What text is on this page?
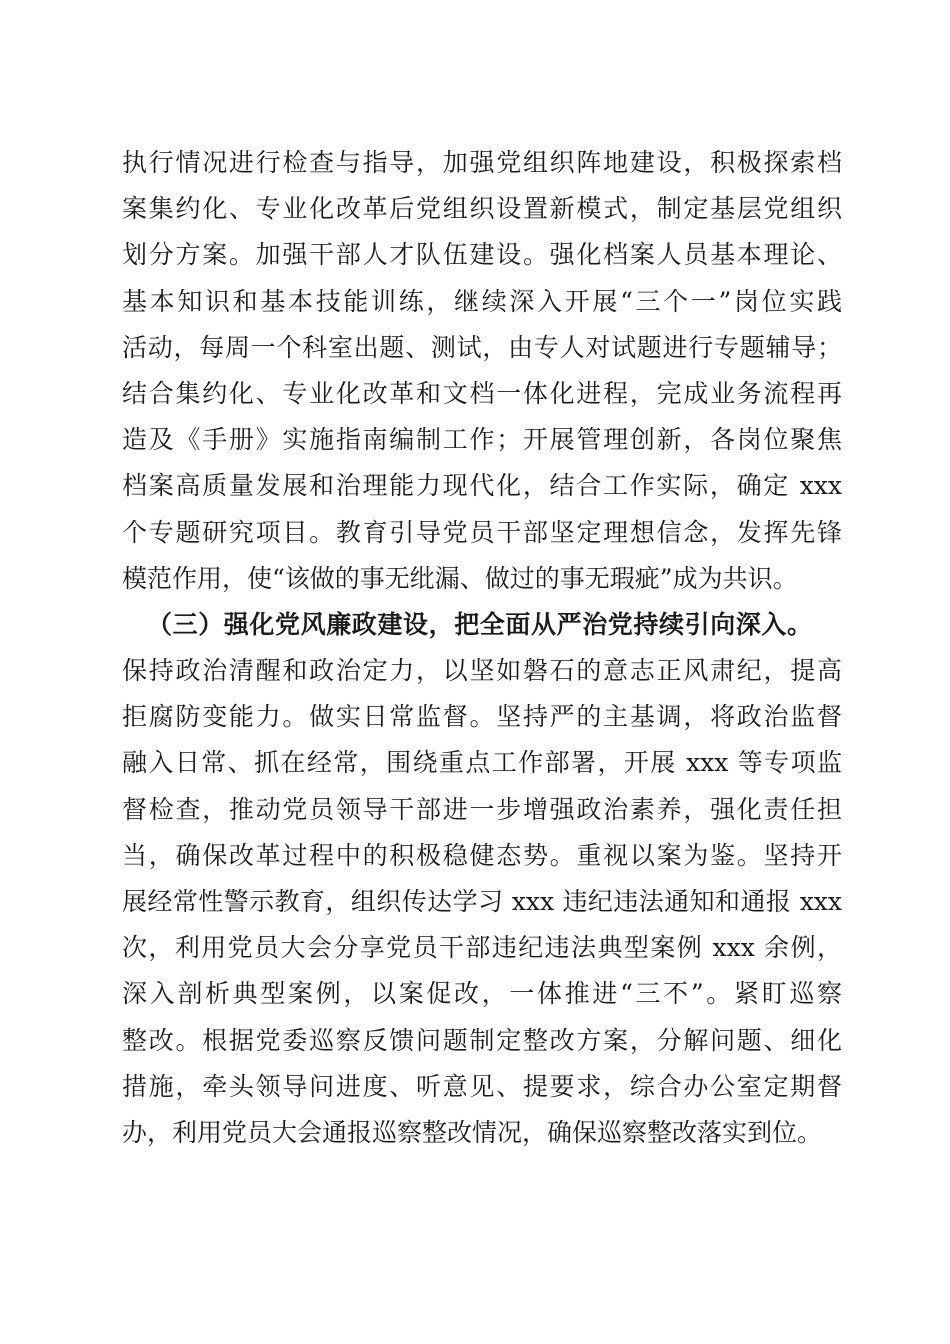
执行情况进行检查与指导，加强党组织阵地建设，积极探索档
案集约化、专业化改革后党组织设置新模式，制定基层党组织
划分方案。加强干部人才队伍建设。强化档案人员基本理论、
基本知识和基本技能训练，继续深入开展“三个一”岗位实践
活动，每周一个科室出题、测试，由专人对试题进行专题辅导；
结合集约化、专业化改革和文档一体化进程，完成业务流程再
造及《手册》实施指南编制工作；开展管理创新，各岗位聚焦
档案高质量发展和治理能力现代化，结合工作实际，确定 xxx
个专题研究项目。教育引导党员干部坚定理想信念，发挥先锋
模范作用，使“该做的事无纰漏、做过的事无瑕疵”成为共识。
（三）强化党风廉政建设，把全面从严治党持续引向深入。
保持政治清醒和政治定力，以坚如磐石的意志正风肃纪，提高
拒腐防变能力。做实日常监督。坚持严的主基调，将政治监督
融入日常、抓在经常，围绕重点工作部署，开展 xxx 等专项监
督检查，推动党员领导干部进一步增强政治素养，强化责任担
当，确保改革过程中的积极稳健态势。重视以案为鉴。坚持开
展经常性警示教育，组织传达学习 xxx 违纪违法通知和通报 xxx
次，利用党员大会分享党员干部违纪违法典型案例 xxx 余例，
深入剖析典型案例，以案促改，一体推进“三不”。紧盯巡察
整改。根据党委巡察反馈问题制定整改方案，分解问题、细化
措施，牵头领导问进度、听意见、提要求，综合办公室定期督
办，利用党员大会通报巡察整改情况，确保巡察整改落实到位。
